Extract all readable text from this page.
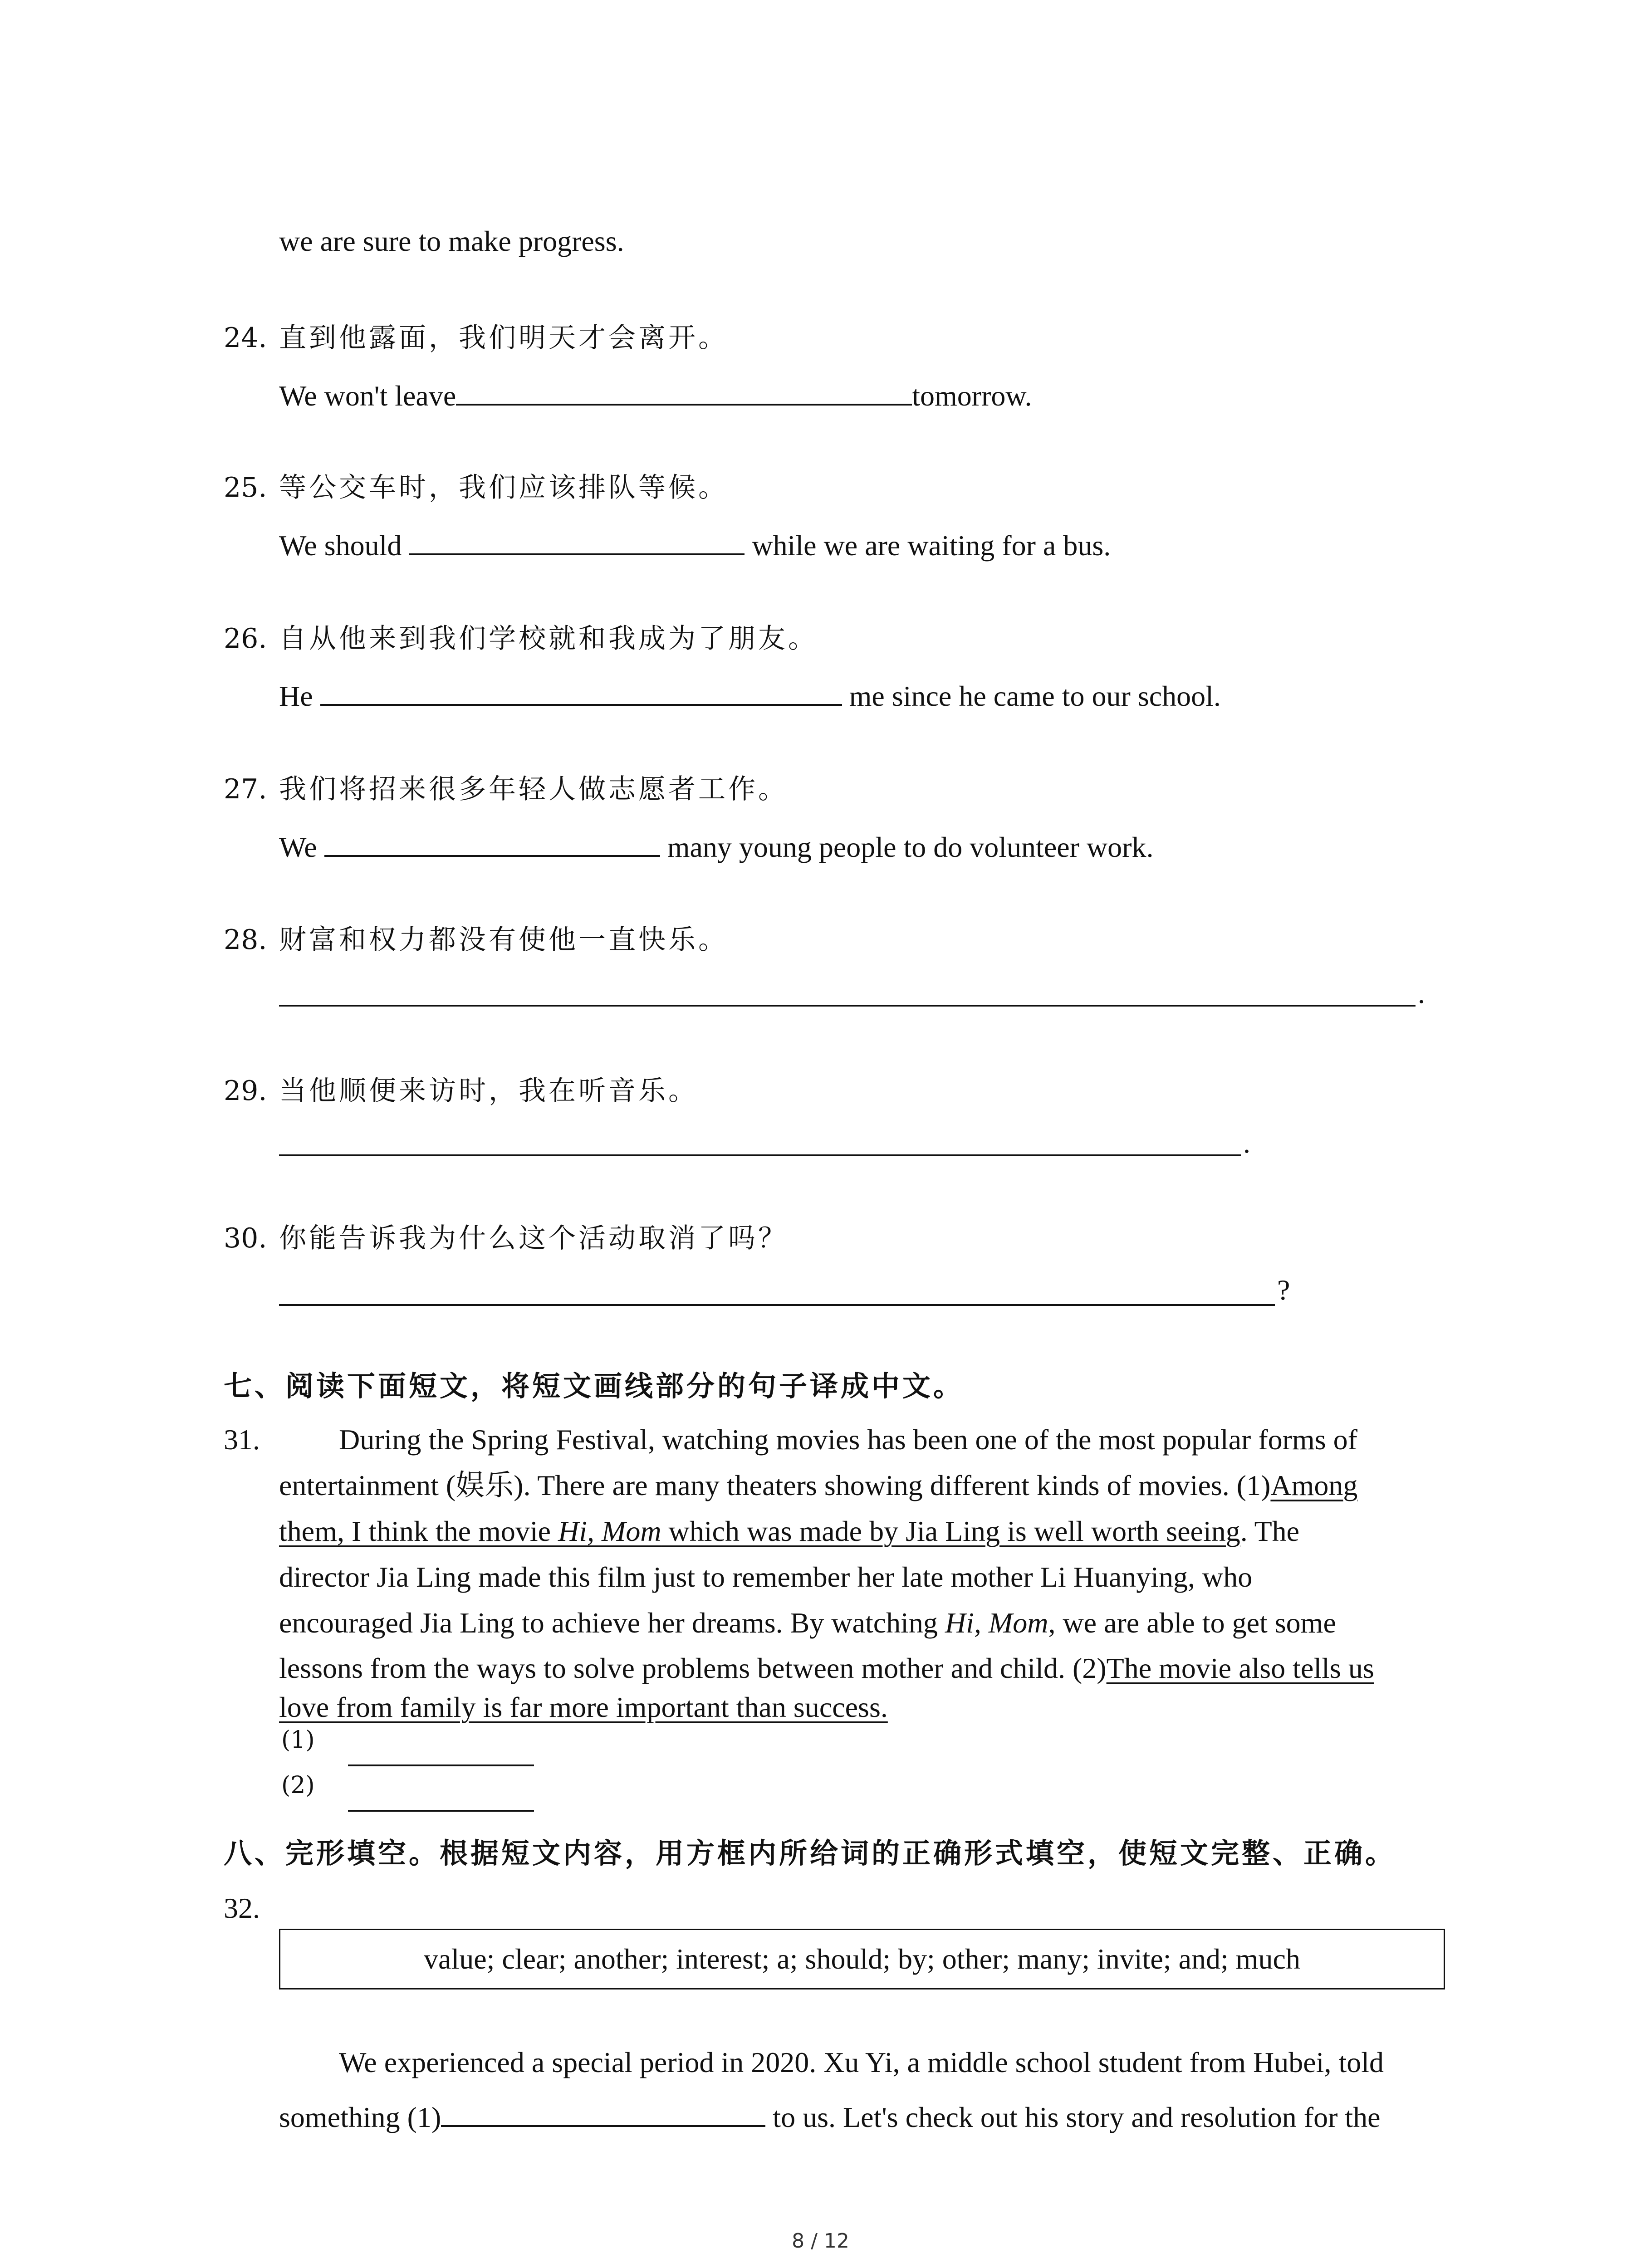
we are sure to make progress.
24. 直到他露面，我们明天才会离开。
We won't leave	tomorrow.
25. 等公交车时，我们应该排队等候。
We should	while we are waiting for a bus.
26. 自从他来到我们学校就和我成为了朋友。
He	me since he came to our school.
27. 我们将招来很多年轻人做志愿者工作。
We	many young people to do volunteer work.
28. 财富和权力都没有使他一直快乐。
.
29. 当他顺便来访时，我在听音乐。
.
30. 你能告诉我为什么这个活动取消了吗？
?
七、阅读下面短文，将短文画线部分的句子译成中文。
31.	During the Spring Festival, watching movies has been one of the most popular forms of
entertainment (娱乐). There are many theaters showing different kinds of movies. (1)Among
them, I think the movie Hi, Mom which was made by Jia Ling is well worth seeing. The
director Jia Ling made this film just to remember her late mother Li Huanying, who
encouraged Jia Ling to achieve her dreams. By watching Hi, Mom, we are able to get some
lessons from the ways to solve problems between mother and child. (2)The movie also tells us
love from family is far more important than success.
(1)
(2)
八、完形填空。根据短文内容，用方框内所给词的正确形式填空，使短文完整、正确。
32.
value; clear; another; interest; a; should; by; other; many; invite; and; much
We experienced a special period in 2020. Xu Yi, a middle school student from Hubei, told
something (1)	to us. Let's check out his story and resolution for the
8 / 12
